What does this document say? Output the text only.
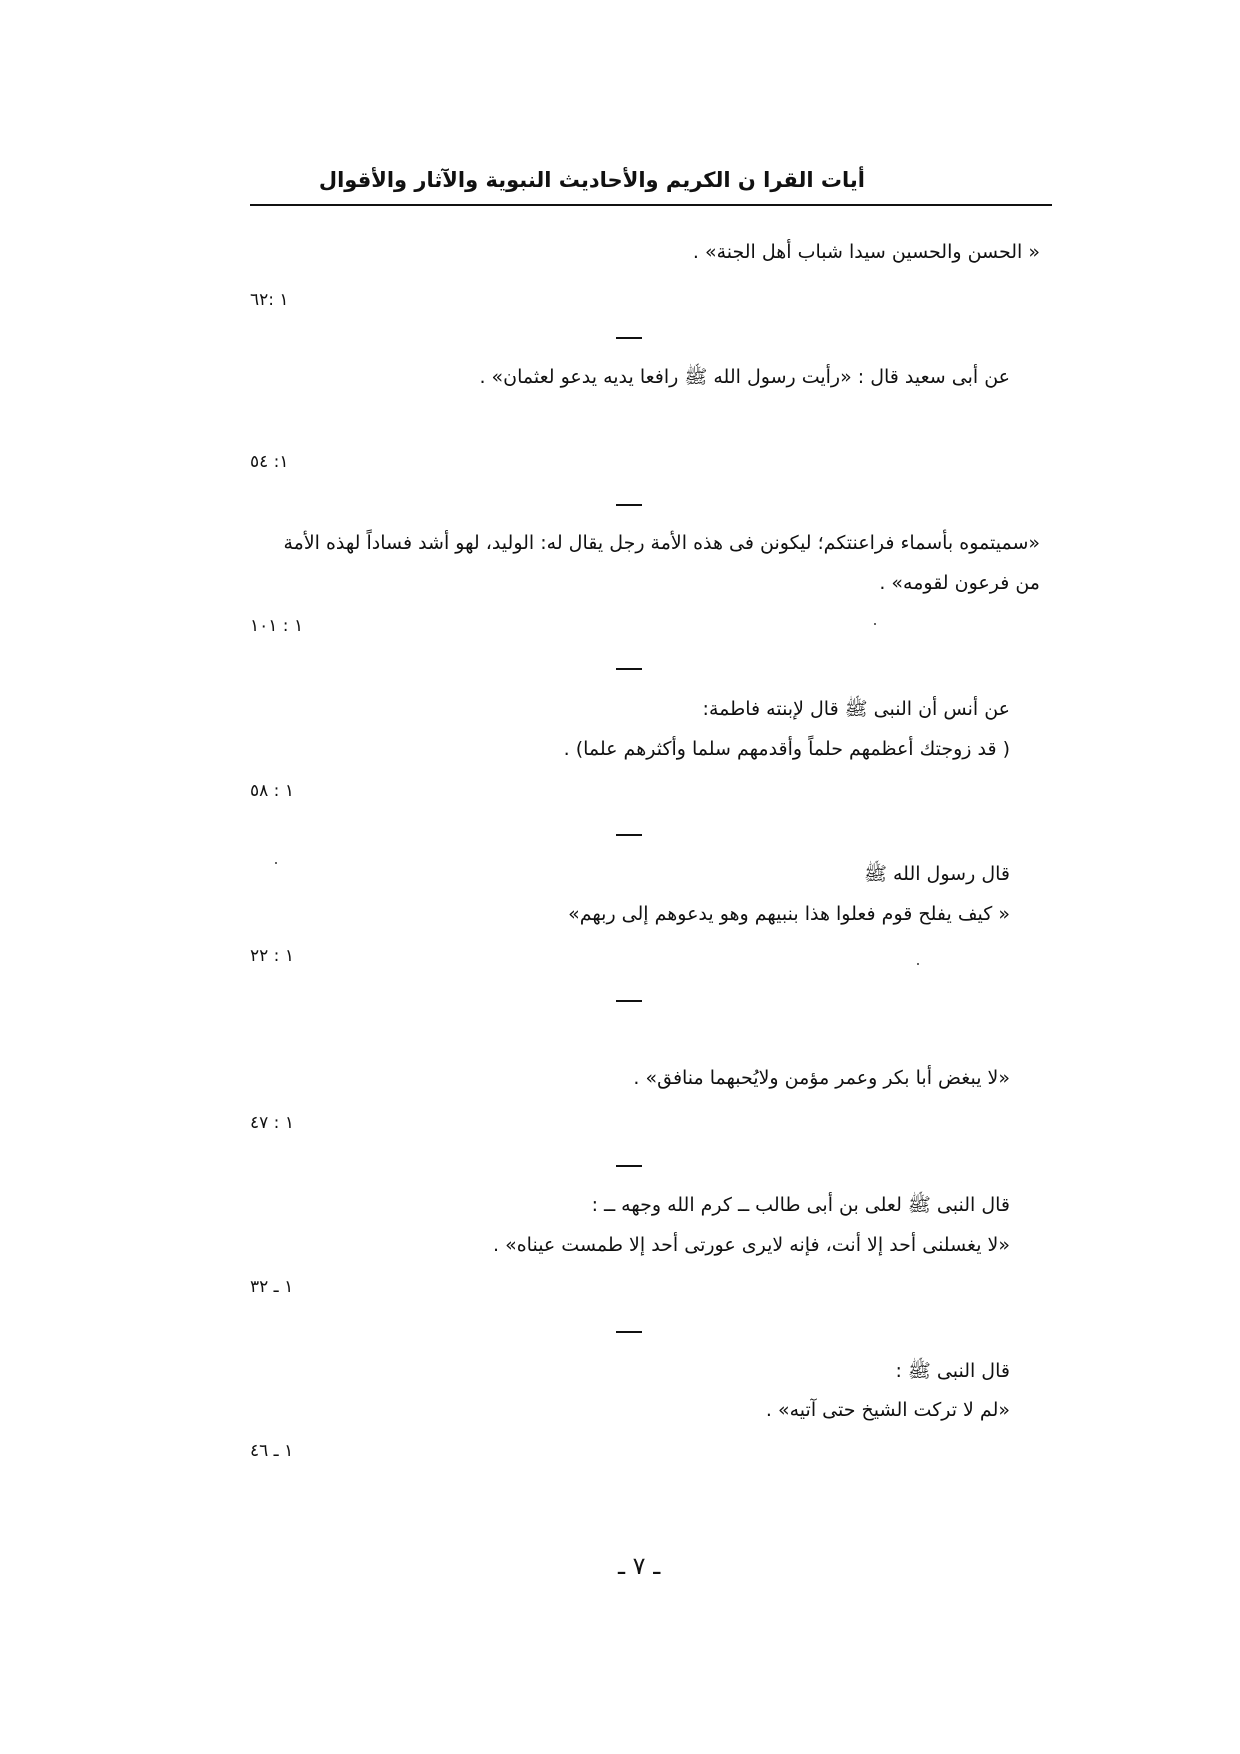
أيات القرا ن الكريم والأحاديث النبوية والآثار والأقوال
« الحسن والحسين سيدا شباب أهل الجنة» .
١ :٦٢
عن أبى سعيد قال : «رأيت رسول الله ﷺ رافعا يديه يدعو لعثمان» .
١: ٥٤
«سميتموه بأسماء فراعنتكم؛ ليكونن فى هذه الأمة رجل يقال له: الوليد، لهو أشد فساداً لهذه الأمة
من فرعون لقومه» .
١ : ١٠١
عن أنس أن النبى ﷺ قال لإبنته فاطمة:
( قد زوجتك أعظمهم حلماً وأقدمهم سلما وأكثرهم علما) .
١ : ٥٨
قال رسول الله ﷺ
« كيف يفلح قوم فعلوا هذا بنبيهم وهو يدعوهم إلى ربهم»
١ : ٢٢
«لا يبغض أبا بكر وعمر مؤمن ولايُحبهما منافق» .
١ : ٤٧
قال النبى ﷺ لعلى بن أبى طالب ــ كرم الله وجهه ــ :
«لا يغسلنى أحد إلا أنت، فإنه لايرى عورتى أحد إلا طمست عيناه» .
١ ـ ٣٢
قال النبى ﷺ :
«لم لا تركت الشيخ حتى آتيه» .
١ ـ ٤٦
ـ ٧ ـ
